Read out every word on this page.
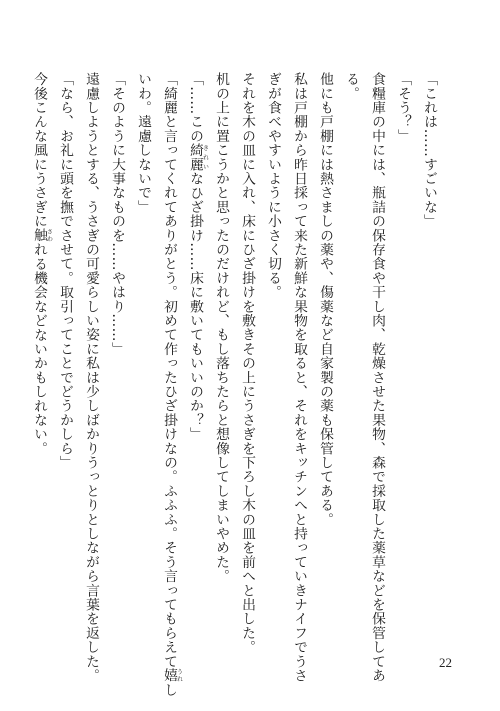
「これは……すごいな」
「そう？」
食糧庫の中には、瓶詰の保存食や干し肉、乾燥させた果物、森で採取した薬草などを保管してあ
る。
他にも戸棚には熱さましの薬や、傷薬など自家製の薬も保管してある。
私は戸棚から昨日採って来た新鮮な果物を取ると、それをキッチンへと持っていきナイフでうさ
ぎが食べやすいように小さく切る。
それを木の皿に入れ、床にひざ掛けを敷きその上にうさぎを下ろし木の皿を前へと出した。
机の上に置こうかと思ったのだけれど、もし落ちたらと想像してしまいやめた。
「……この綺麗きれいなひざ掛け……床に敷いてもいいのか？」
「綺麗と言ってくれてありがとう。初めて作ったひざ掛けなの。ふふふ。そう言ってもらえて嬉うれし
いわ。遠慮しないで」
「そのように大事なものを……やはり……」
遠慮しようとする、うさぎの可愛らしい姿に私は少しばかりうっとりとしながら言葉を返した。
「なら、お礼に頭を撫でさせて。取引ってことでどうかしら」
今後こんな風にうさぎに触さわれる機会などないかもしれない。
22
